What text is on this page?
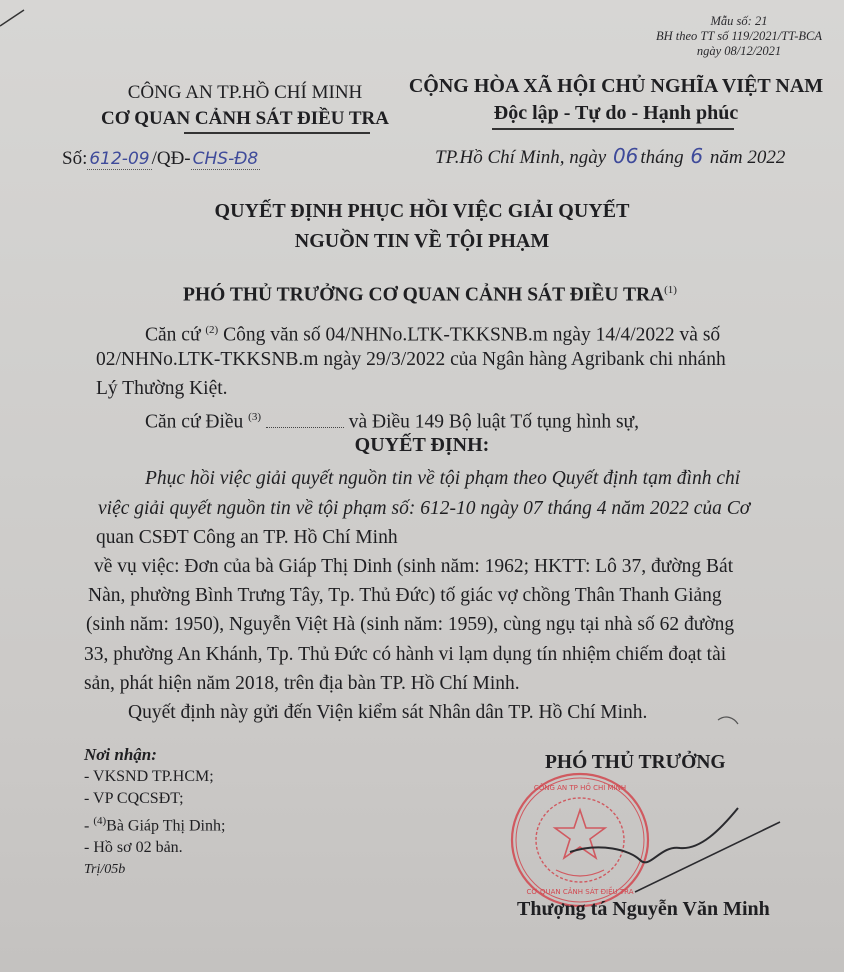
Mẫu số: 21
BH theo TT số 119/2021/TT-BCA
ngày 08/12/2021
CÔNG AN TP.HỒ CHÍ MINH
CƠ QUAN CẢNH SÁT ĐIỀU TRA
CỘNG HÒA XÃ HỘI CHỦ NGHĨA VIỆT NAM
Độc lập - Tự do - Hạnh phúc
Số: 612-09 /QĐ- CHS-Đ8	TP.Hồ Chí Minh, ngày 06 tháng 6 năm 2022
QUYẾT ĐỊNH PHỤC HỒI VIỆC GIẢI QUYẾT
NGUỒN TIN VỀ TỘI PHẠM
PHÓ THỦ TRƯỞNG CƠ QUAN CẢNH SÁT ĐIỀU TRA$^{(1)}$
Căn cứ $^{(2)}$ Công văn số 04/NHNo.LTK-TKKSNB.m ngày 14/4/2022 và số
02/NHNo.LTK-TKKSNB.m ngày 29/3/2022 của Ngân hàng Agribank chi nhánh
Lý Thường Kiệt.
Căn cứ Điều $^{(3)}$	và Điều 149 Bộ luật Tố tụng hình sự,
QUYẾT ĐỊNH:
Phục hồi việc giải quyết nguồn tin về tội phạm theo Quyết định tạm đình chỉ
việc giải quyết nguồn tin về tội phạm số: 612-10 ngày 07 tháng 4 năm 2022 của Cơ
quan CSĐT Công an TP. Hồ Chí Minh
về vụ việc: Đơn của bà Giáp Thị Dinh (sinh năm: 1962; HKTT: Lô 37, đường Bát
Nàn, phường Bình Trưng Tây, Tp. Thủ Đức) tố giác vợ chồng Thân Thanh Giảng
(sinh năm: 1950), Nguyễn Việt Hà (sinh năm: 1959), cùng ngụ tại nhà số 62 đường
33, phường An Khánh, Tp. Thủ Đức có hành vi lạm dụng tín nhiệm chiếm đoạt tài
sản, phát hiện năm 2018, trên địa bàn TP. Hồ Chí Minh.
Quyết định này gửi đến Viện kiểm sát Nhân dân TP. Hồ Chí Minh.
Nơi nhận:
- VKSND TP.HCM;
- VP CQCSĐT;
- $^{(4)}$Bà Giáp Thị Dinh;
- Hồ sơ 02 bản.
Trị/05b
CƠ QUAN CẢNH SÁT ĐIỀU TRA
CÔNG AN TP HỒ CHÍ MINH
PHÓ THỦ TRƯỞNG
Thượng tá Nguyễn Văn Minh
